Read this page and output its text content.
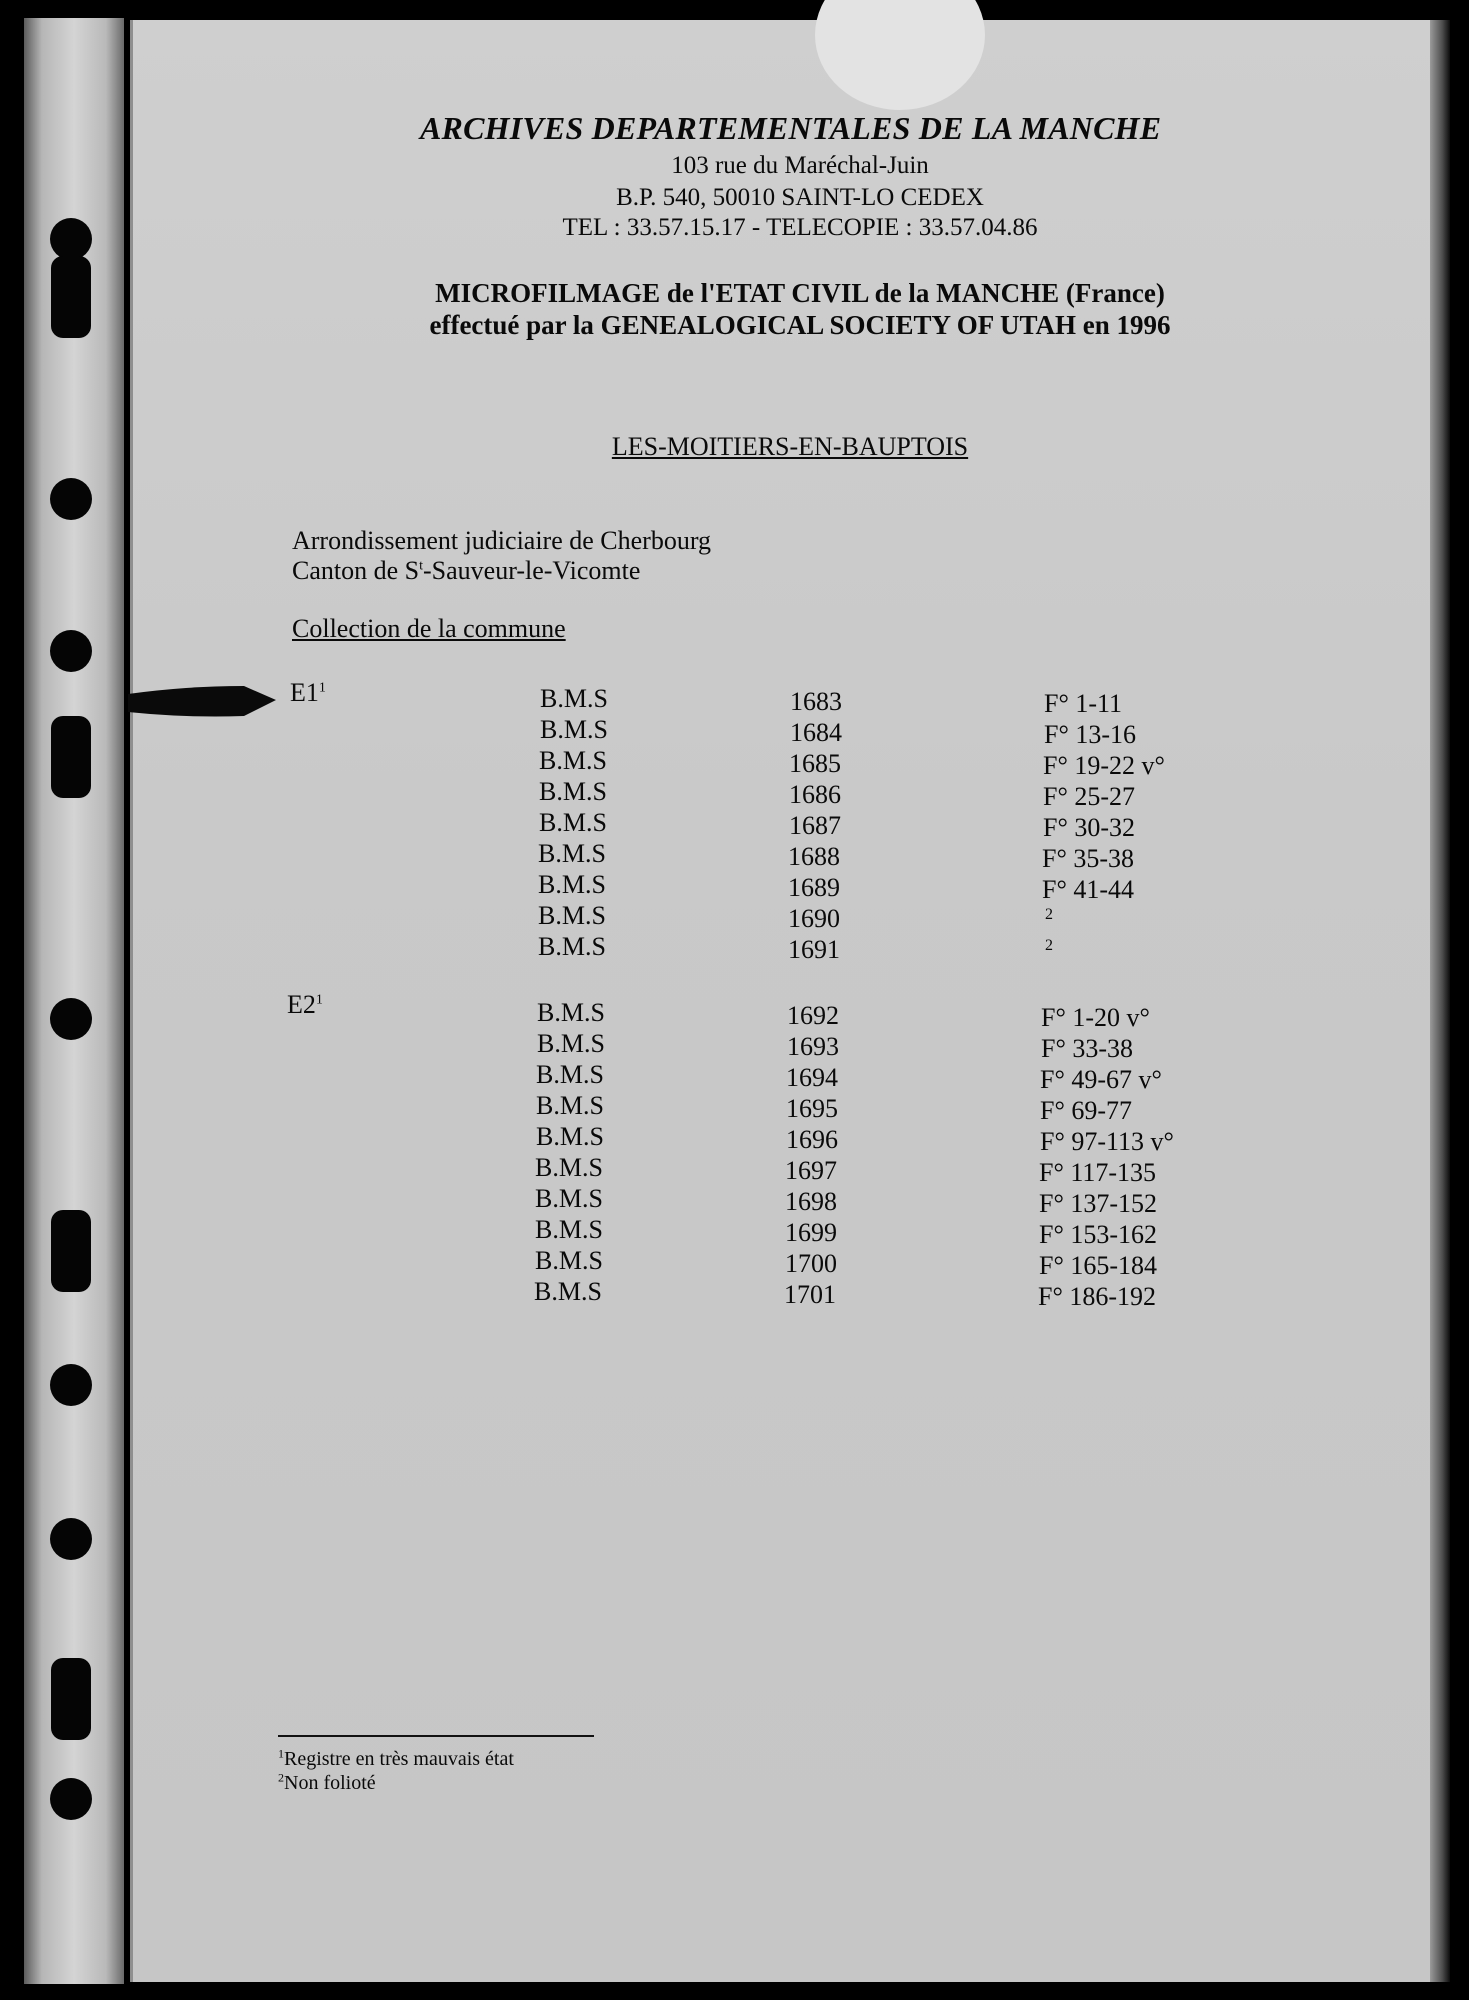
ARCHIVES DEPARTEMENTALES DE LA MANCHE
103 rue du Maréchal-Juin
B.P. 540, 50010 SAINT-LO CEDEX
TEL : 33.57.15.17 - TELECOPIE : 33.57.04.86
MICROFILMAGE de l'ETAT CIVIL de la MANCHE (France)
effectué par la GENEALOGICAL SOCIETY OF UTAH en 1996
LES-MOITIERS-EN-BAUPTOIS
Arrondissement judiciaire de Cherbourg
Canton de $S^t-Sauveur-le$-Vicomte
Collection de la commune
$E1^1$	B.M.S	1683	F° 1-11
B.M.S	1684	F° 13-16
B.M.S	1685	F° 19-22 v°
B.M.S	1686	F° 25-27
B.M.S	1687	F° 30-32
B.M.S	1688	F° 35-38
B.M.S	1689	F° 41-44
B.M.S	1690	2
B.M.S	1691	2
$E2^1$	B.M.S	1692	F° 1-20 v°
B.M.S	1693	F° 33-38
B.M.S	1694	F° 49-67 v°
B.M.S	1695	F° 69-77
B.M.S	1696	F° 97-113 v°
B.M.S	1697	F° 117-135
B.M.S	1698	F° 137-152
B.M.S	1699	F° 153-162
B.M.S	1700	F° 165-184
B.M.S	1701	F° 186-192
$^1$Registre en très mauvais état
$^2$Non folioté
